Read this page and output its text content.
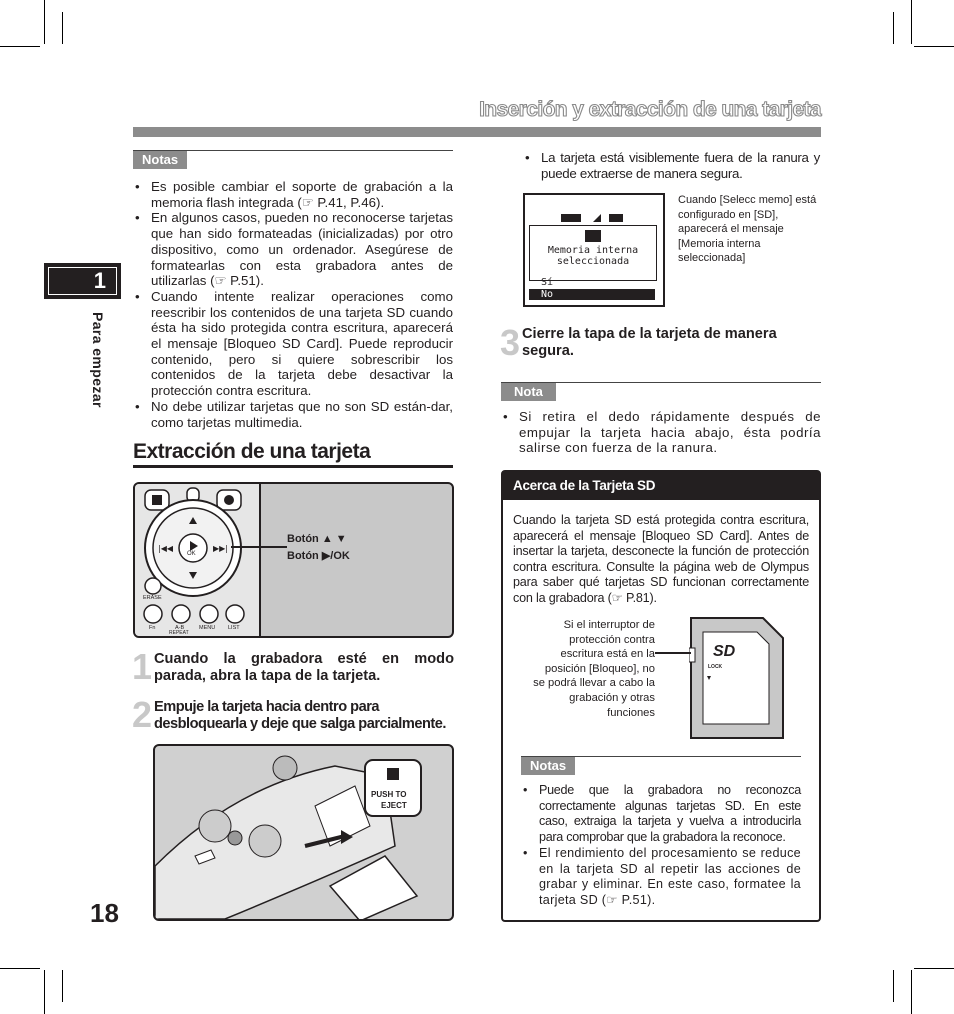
Inserción y extracción de una tarjeta
1
Para empezar
18
Notas
• Es posible cambiar el soporte de grabación a la memoria flash integrada (☞ P.41, P.46).
• En algunos casos, pueden no reconocerse tarjetas que han sido formateadas (inicializadas) por otro dispositivo, como un ordenador. Asegúrese de formatearlas con esta grabadora antes de utilizarlas (☞ P.51).
• Cuando intente realizar operaciones como reescribir los contenidos de una tarjeta SD cuando ésta ha sido protegida contra escritura, aparecerá el mensaje [Bloqueo SD Card]. Puede reproducir contenido, pero si quiere sobrescribir los contenidos de la tarjeta debe desactivar la protección contra escritura.
• No debe utilizar tarjetas que no son SD están-dar, como tarjetas multimedia.
Extracción de una tarjeta
|◀◀	▶▶|
OK
ERASE
Fn	A-B
REPEAT
MENU LIST
Botón ▲ ▼
Botón ▶/OK
1 Cuando la grabadora esté en modo parada, abra la tapa de la tarjeta.
2 Empuje la tarjeta hacia dentro para desbloquearla y deje que salga parcialmente.
PUSH TO
EJECT
• La tarjeta está visiblemente fuera de la ranura y puede extraerse de manera segura.
Memoria interna
seleccionada
Sí
No
Cuando [Selecc memo] está configurado en [SD], aparecerá el mensaje [Memoria interna seleccionada]
3 Cierre la tapa de la tarjeta de manera segura.
Nota
• Si retira el dedo rápidamente después de empujar la tarjeta hacia abajo, ésta podría salirse con fuerza de la ranura.
Acerca de la Tarjeta SD
Cuando la tarjeta SD está protegida contra escritura, aparecerá el mensaje [Bloqueo SD Card]. Antes de insertar la tarjeta, desconecte la función de protección contra escritura. Consulte la página web de Olympus para saber qué tarjetas SD funcionan correctamente con la grabadora (☞ P.81).
Si el interruptor de protección contra escritura está en la posición [Bloqueo], no se podrá llevar a cabo la grabación y otras funciones
SD
LOCK
Notas
• Puede que la grabadora no reconozca correctamente algunas tarjetas SD. En este caso, extraiga la tarjeta y vuelva a introducirla para comprobar que la grabadora la reconoce.
• El rendimiento del procesamiento se reduce en la tarjeta SD al repetir las acciones de grabar y eliminar. En este caso, formatee la tarjeta SD (☞ P.51).
